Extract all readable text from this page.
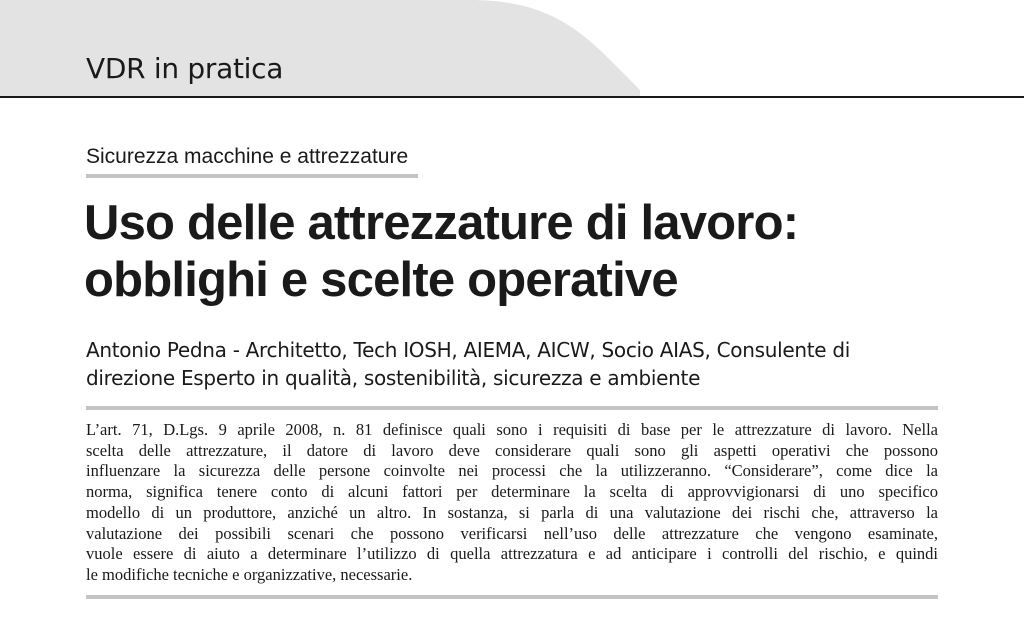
VDR in pratica
Sicurezza macchine e attrezzature
Uso delle attrezzature di lavoro:
obblighi e scelte operative
Antonio Pedna - Architetto, Tech IOSH, AIEMA, AICW, Socio AIAS, Consulente di
direzione Esperto in qualità, sostenibilità, sicurezza e ambiente
L’art. 71, D.Lgs. 9 aprile 2008, n. 81 definisce quali sono i requisiti di base per le attrezzature di lavoro. Nella
scelta delle attrezzature, il datore di lavoro deve considerare quali sono gli aspetti operativi che possono
influenzare la sicurezza delle persone coinvolte nei processi che la utilizzeranno. “Considerare”, come dice la
norma, significa tenere conto di alcuni fattori per determinare la scelta di approvvigionarsi di uno specifico
modello di un produttore, anziché un altro. In sostanza, si parla di una valutazione dei rischi che, attraverso la
valutazione dei possibili scenari che possono verificarsi nell’uso delle attrezzature che vengono esaminate,
vuole essere di aiuto a determinare l’utilizzo di quella attrezzatura e ad anticipare i controlli del rischio, e quindi
le modifiche tecniche e organizzative, necessarie.
